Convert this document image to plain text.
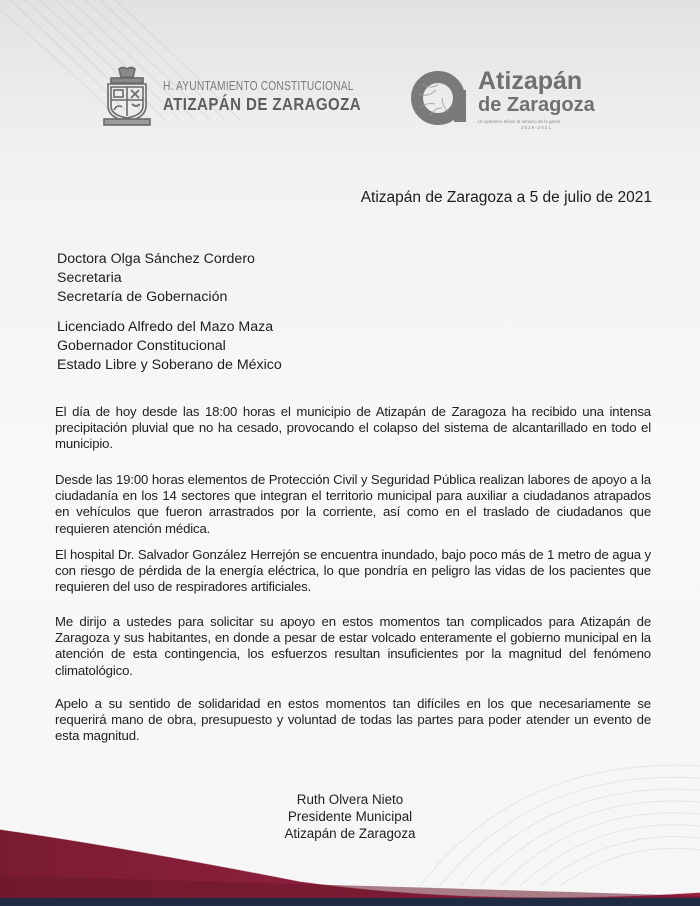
H. AYUNTAMIENTO CONSTITUCIONAL
ATIZAPÁN DE ZARAGOZA
Atizapán
de Zaragoza
Un gobierno eficaz al servicio de la gente
2019-2021
Atizapán de Zaragoza a 5 de julio de 2021
Doctora Olga Sánchez Cordero
Secretaria
Secretaría de Gobernación
Licenciado Alfredo del Mazo Maza
Gobernador Constitucional
Estado Libre y Soberano de México

El día de hoy desde las 18:00 horas el municipio de Atizapán de Zaragoza ha recibido una intensa precipitación pluvial que no ha cesado, provocando el colapso del sistema de alcantarillado en todo el municipio.

Desde las 19:00 horas elementos de Protección Civil y Seguridad Pública realizan labores de apoyo a la ciudadanía en los 14 sectores que integran el territorio municipal para auxiliar a ciudadanos atrapados en vehículos que fueron arrastrados por la corriente, así como en el traslado de ciudadanos que requieren atención médica.

El hospital Dr. Salvador González Herrejón se encuentra inundado, bajo poco más de 1 metro de agua y con riesgo de pérdida de la energía eléctrica, lo que pondría en peligro las vidas de los pacientes que requieren del uso de respiradores artificiales.

Me dirijo a ustedes para solicitar su apoyo en estos momentos tan complicados para Atizapán de Zaragoza y sus habitantes, en donde a pesar de estar volcado enteramente el gobierno municipal en la atención de esta contingencia, los esfuerzos resultan insuficientes por la magnitud del fenómeno climatológico.

Apelo a su sentido de solidaridad en estos momentos tan difíciles en los que necesariamente se requerirá mano de obra, presupuesto y voluntad de todas las partes para poder atender un evento de esta magnitud.

Ruth Olvera Nieto
Presidente Municipal
Atizapán de Zaragoza
